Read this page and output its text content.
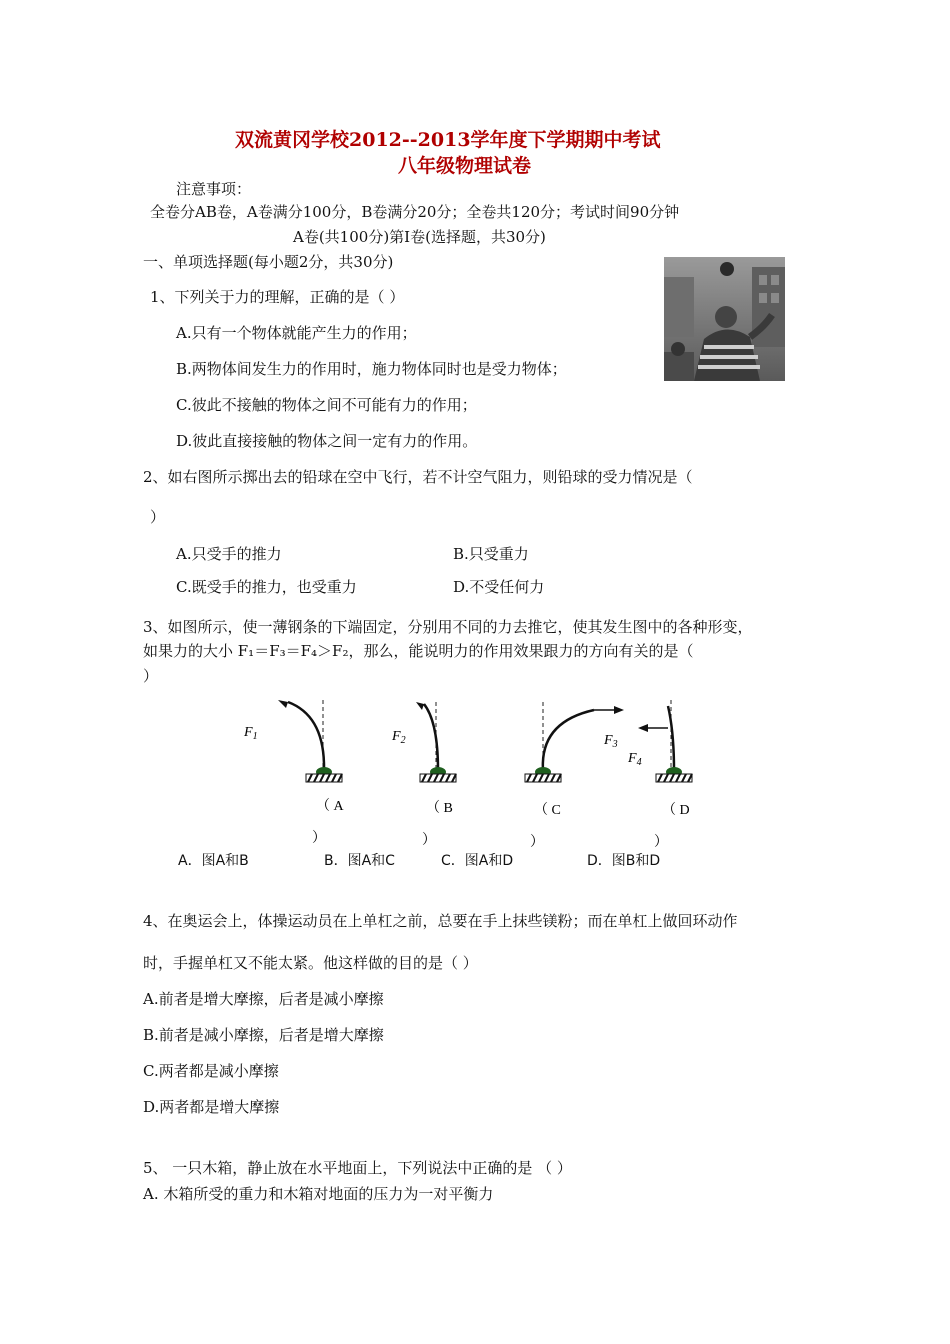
双流黄冈学校2012--2013学年度下学期期中考试
八年级物理试卷
注意事项：
全卷分AB卷，A卷满分100分，B卷满分20分；全卷共120分；考试时间90分钟
A卷(共100分)第Ⅰ卷(选择题，共30分)
一、单项选择题(每小题2分，共30分)
1、下列关于力的理解，正确的是（ ）
A.只有一个物体就能产生力的作用；
B.两物体间发生力的作用时，施力物体同时也是受力物体；
C.彼此不接触的物体之间不可能有力的作用；
D.彼此直接接触的物体之间一定有力的作用。
2、如右图所示掷出去的铅球在空中飞行，若不计空气阻力，则铅球的受力情况是（
）
A.只受手的推力	B.只受重力
C.既受手的推力，也受重力	D.不受任何力
3、如图所示，使一薄钢条的下端固定，分别用不同的力去推它，使其发生图中的各种形变，
如果力的大小 F₁＝F₃＝F₄＞F₂，那么，能说明力的作用效果跟力的方向有关的是（
）
$F_1$	$F_2$	$F_3$
$F_4$
（ A	（ B	（ C	（ D
）	）	）	）
A．图A和B	B．图A和C	C．图A和D	D．图B和D
4、在奥运会上，体操运动员在上单杠之前，总要在手上抹些镁粉；而在单杠上做回环动作
时，手握单杠又不能太紧。他这样做的目的是（ ）
A.前者是增大摩擦，后者是减小摩擦
B.前者是减小摩擦，后者是增大摩擦
C.两者都是减小摩擦
D.两者都是增大摩擦
5、 一只木箱，静止放在水平地面上，下列说法中正确的是 （ ）
A. 木箱所受的重力和木箱对地面的压力为一对平衡力
